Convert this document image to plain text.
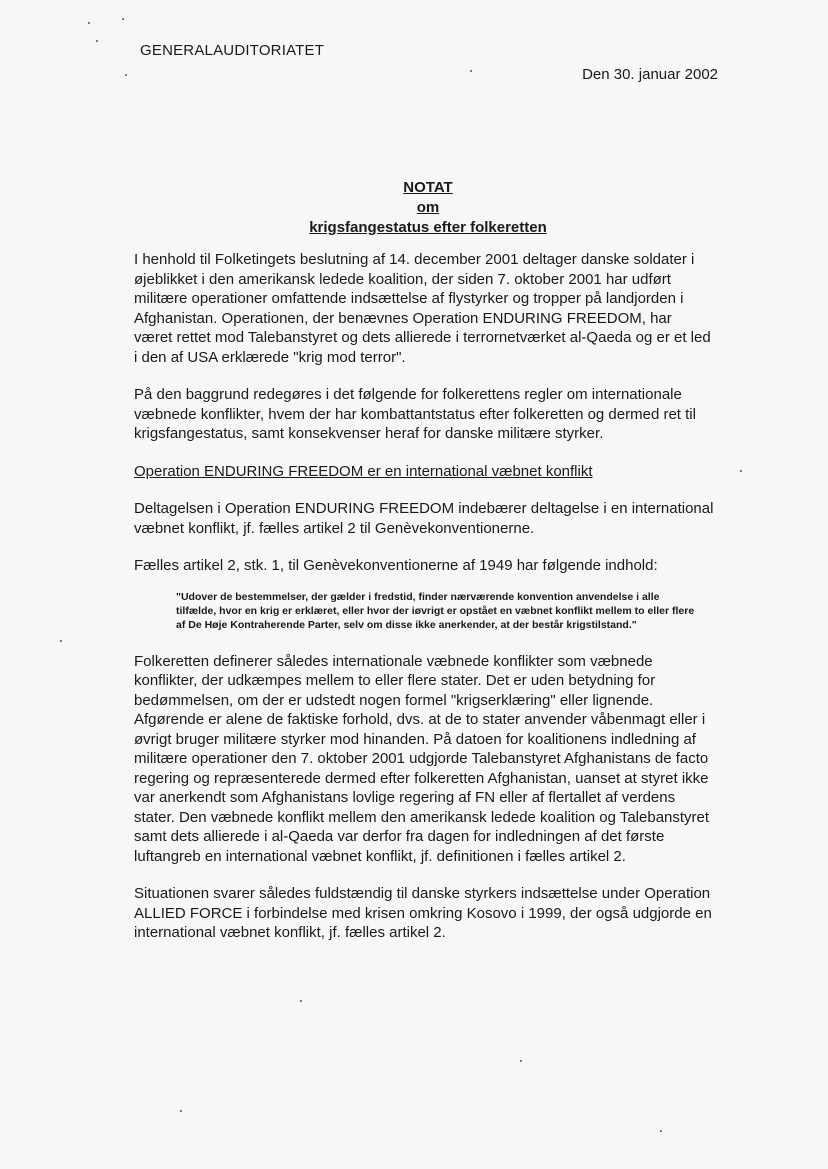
GENERALAUDITORIATET
Den 30. januar 2002
NOTAT
om
krigsfangestatus efter folkeretten

I henhold til Folketingets beslutning af 14. december 2001 deltager danske soldater i øjeblikket i den amerikansk ledede koalition, der siden 7. oktober 2001 har udført militære operationer omfattende indsættelse af flystyrker og tropper på landjorden i Afghanistan. Operationen, der benævnes Operation ENDURING FREEDOM, har været rettet mod Talebanstyret og dets allierede i terrornetværket al-Qaeda og er et led i den af USA erklærede "krig mod terror".

På den baggrund redegøres i det følgende for folkerettens regler om internationale væbnede konflikter, hvem der har kombattantstatus efter folkeretten og dermed ret til krigsfangestatus, samt konsekvenser heraf for danske militære styrker.

Operation ENDURING FREEDOM er en international væbnet konflikt

Deltagelsen i Operation ENDURING FREEDOM indebærer deltagelse i en international væbnet konflikt, jf. fælles artikel 2 til Genèvekonventionerne.

Fælles artikel 2, stk. 1, til Genèvekonventionerne af 1949 har følgende indhold:

"Udover de bestemmelser, der gælder i fredstid, finder nærværende konvention anvendelse i alle tilfælde, hvor en krig er erklæret, eller hvor der iøvrigt er opstået en væbnet konflikt mellem to eller flere af De Høje Kontraherende Parter, selv om disse ikke anerkender, at der består krigstilstand."

Folkeretten definerer således internationale væbnede konflikter som væbnede konflikter, der udkæmpes mellem to eller flere stater. Det er uden betydning for bedømmelsen, om der er udstedt nogen formel "krigserklæring" eller lignende. Afgørende er alene de faktiske forhold, dvs. at de to stater anvender våbenmagt eller i øvrigt bruger militære styrker mod hinanden. På datoen for koalitionens indledning af militære operationer den 7. oktober 2001 udgjorde Talebanstyret Afghanistans de facto regering og repræsenterede dermed efter folkeretten Afghanistan, uanset at styret ikke var anerkendt som Afghanistans lovlige regering af FN eller af flertallet af verdens stater. Den væbnede konflikt mellem den amerikansk ledede koalition og Talebanstyret samt dets allierede i al-Qaeda var derfor fra dagen for indledningen af det første luftangreb en international væbnet konflikt, jf. definitionen i fælles artikel 2.

Situationen svarer således fuldstændig til danske styrkers indsættelse under Operation ALLIED FORCE i forbindelse med krisen omkring Kosovo i 1999, der også udgjorde en international væbnet konflikt, jf. fælles artikel 2.
